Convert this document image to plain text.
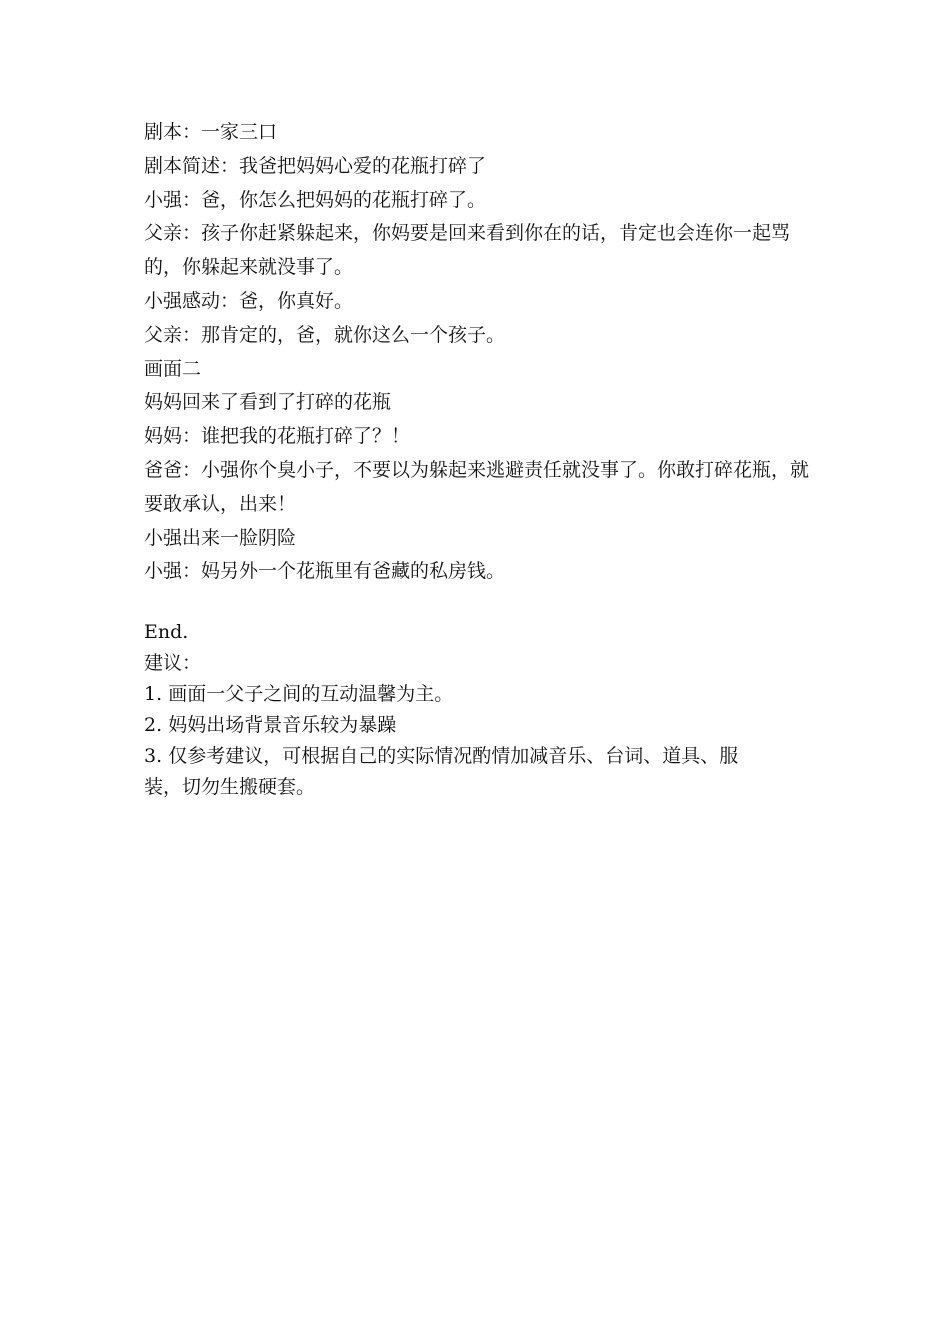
剧本：一家三口

剧本简述：我爸把妈妈心爱的花瓶打碎了

小强：爸，你怎么把妈妈的花瓶打碎了。

父亲：孩子你赶紧躲起来，你妈要是回来看到你在的话，肯定也会连你一起骂的，你躲起来就没事了。

小强感动：爸，你真好。

父亲：那肯定的，爸，就你这么一个孩子。

画面二

妈妈回来了看到了打碎的花瓶

妈妈：谁把我的花瓶打碎了？！

爸爸：小强你个臭小子，不要以为躲起来逃避责任就没事了。你敢打碎花瓶，就要敢承认，出来！

小强出来一脸阴险

小强：妈另外一个花瓶里有爸藏的私房钱。

End.

建议：

1. 画面一父子之间的互动温馨为主。

2. 妈妈出场背景音乐较为暴躁

3. 仅参考建议，可根据自己的实际情况酌情加减音乐、台词、道具、服装，切勿生搬硬套。
